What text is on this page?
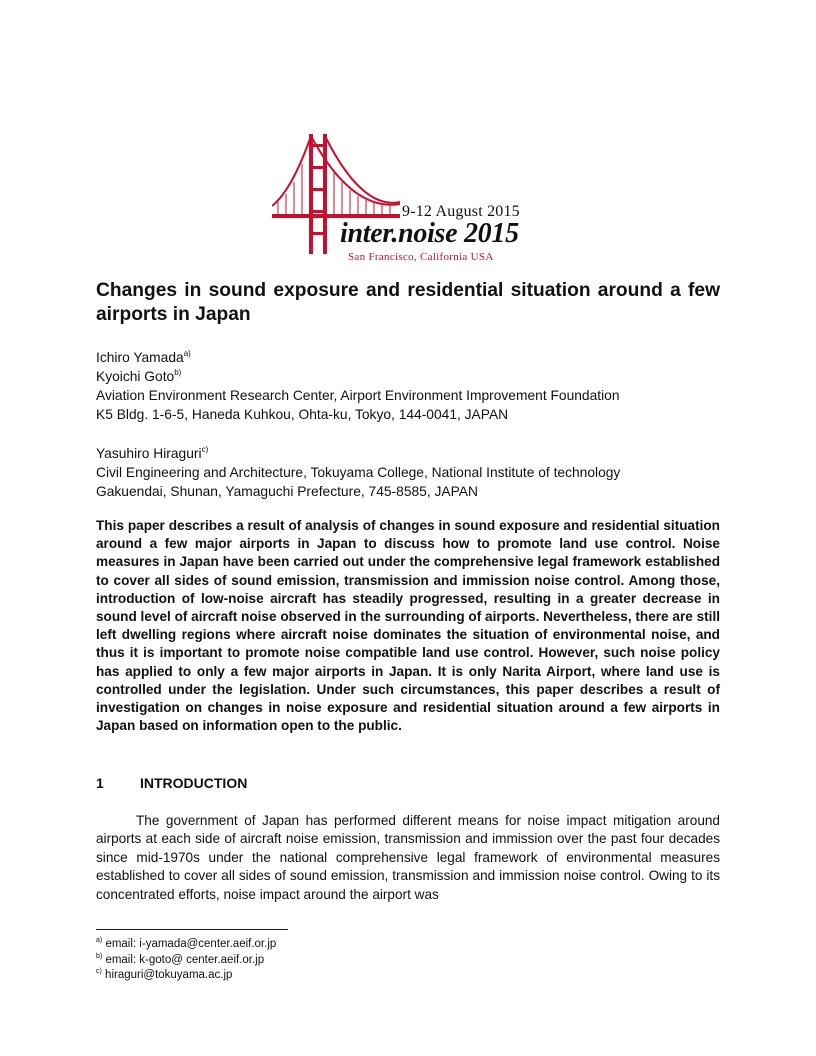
9-12 August 2015
inter.noise 2015
San Francisco, California USA
Changes in sound exposure and residential situation around a few airports in Japan

Ichiro Yamada$^{a)}$

Kyoichi Goto$^{b)}$

Aviation Environment Research Center, Airport Environment Improvement Foundation

K5 Bldg. 1-6-5, Haneda Kuhkou, Ohta-ku, Tokyo, 144-0041, JAPAN

Yasuhiro Hiraguri$^{c)}$

Civil Engineering and Architecture, Tokuyama College, National Institute of technology

Gakuendai, Shunan, Yamaguchi Prefecture, 745-8585, JAPAN

This paper describes a result of analysis of changes in sound exposure and residential situation around a few major airports in Japan to discuss how to promote land use control. Noise measures in Japan have been carried out under the comprehensive legal framework established to cover all sides of sound emission, transmission and immission noise control. Among those, introduction of low-noise aircraft has steadily progressed, resulting in a greater decrease in sound level of aircraft noise observed in the surrounding of airports. Nevertheless, there are still left dwelling regions where aircraft noise dominates the situation of environmental noise, and thus it is important to promote noise compatible land use control. However, such noise policy has applied to only a few major airports in Japan. It is only Narita Airport, where land use is controlled under the legislation. Under such circumstances, this paper describes a result of investigation on changes in noise exposure and residential situation around a few airports in Japan based on information open to the public.

1	INTRODUCTION

The government of Japan has performed different means for noise impact mitigation around airports at each side of aircraft noise emission, transmission and immission over the past four decades since mid-1970s under the national comprehensive legal framework of environmental measures established to cover all sides of sound emission, transmission and immission noise control. Owing to its concentrated efforts, noise impact around the airport was

$^{a)}$ email: i-yamada@center.aeif.or.jp

$^{b)}$ email: k-goto@ center.aeif.or.jp

$^{c)}$ hiraguri@tokuyama.ac.jp
